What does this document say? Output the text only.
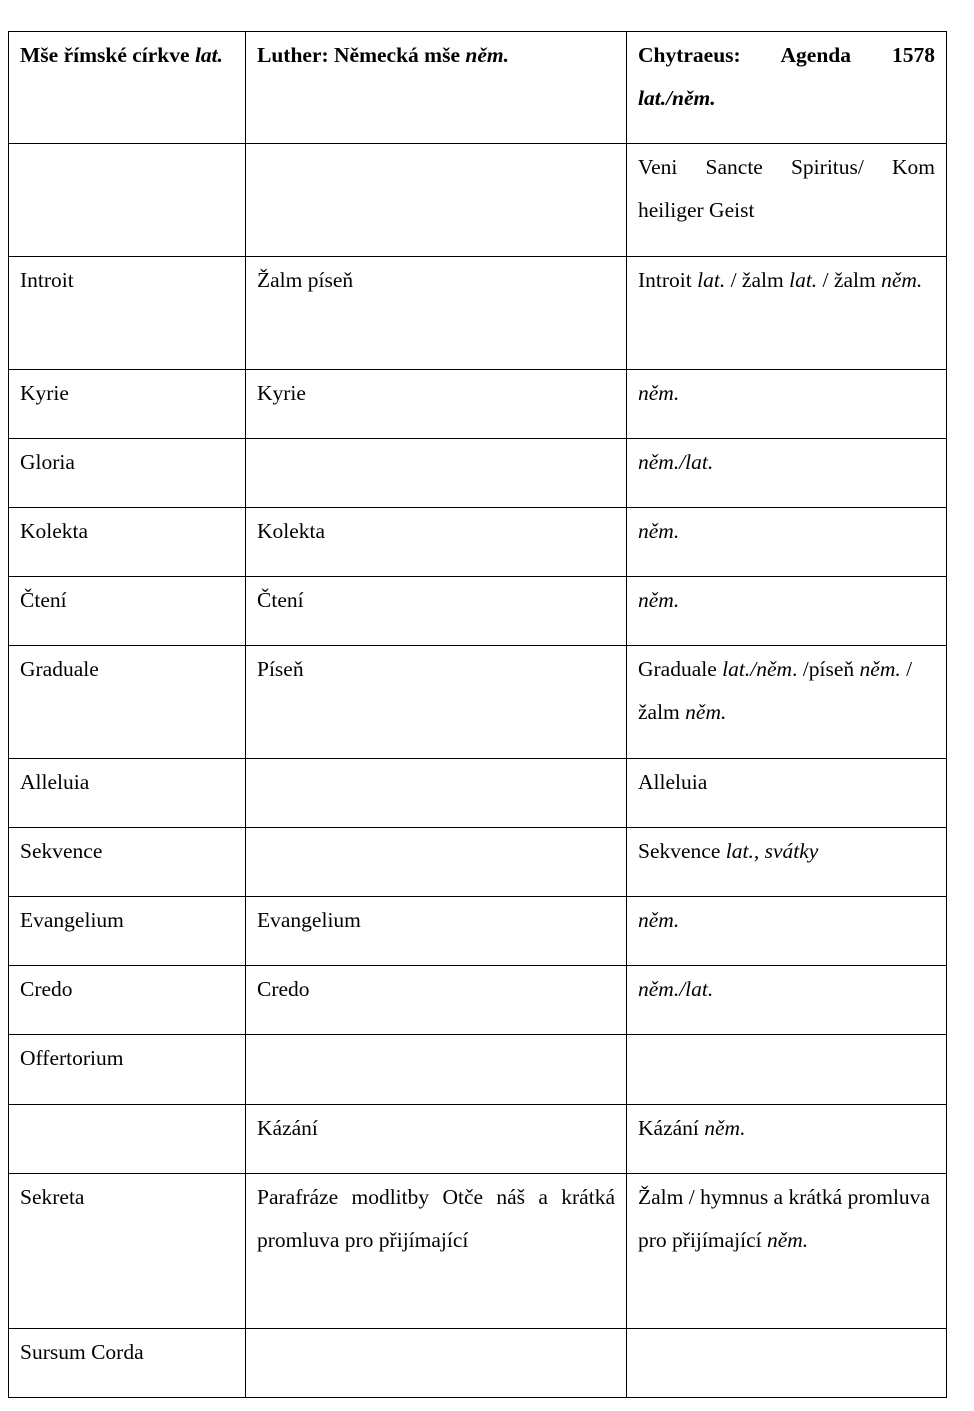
Mše římské církve lat.	Luther: Německá mše něm.	Chytraeus: Agenda 1578 lat./něm.
		Veni Sancte Spiritus/ Kom heiliger Geist
Introit	Žalm píseň	Introit lat. / žalm lat. / žalm něm.
Kyrie	Kyrie	něm.
Gloria		něm./lat.
Kolekta	Kolekta	něm.
Čtení	Čtení	něm.
Graduale	Píseň	Graduale lat./něm. /píseň něm. /žalm něm.
Alleluia		Alleluia
Sekvence		Sekvence lat., svátky
Evangelium	Evangelium	něm.
Credo	Credo	něm./lat.
Offertorium		
	Kázání	Kázání něm.
Sekreta	Parafráze modlitby Otče náš a krátká promluva pro přijímající	Žalm / hymnus a krátká promluva pro přijímající něm.
Sursum Corda		
